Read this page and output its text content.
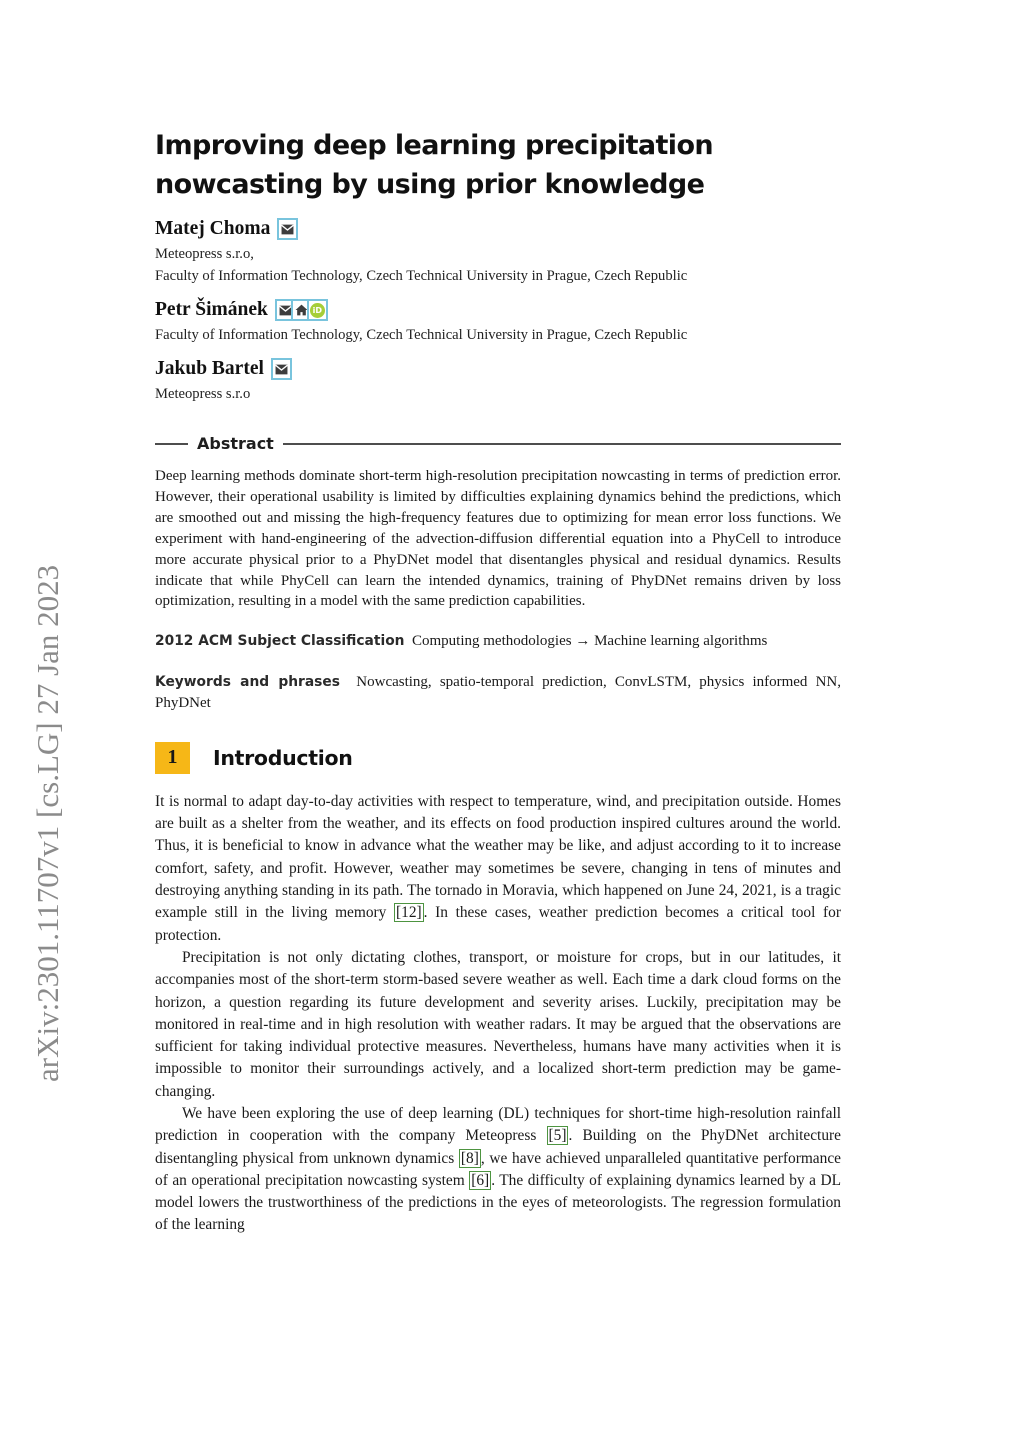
arXiv:2301.11707v1 [cs.LG] 27 Jan 2023
Improving deep learning precipitation nowcasting by using prior knowledge
Matej Choma
Meteopress s.r.o,
Faculty of Information Technology, Czech Technical University in Prague, Czech Republic
Petr Šimánek	iD
Faculty of Information Technology, Czech Technical University in Prague, Czech Republic
Jakub Bartel
Meteopress s.r.o
Abstract
Deep learning methods dominate short-term high-resolution precipitation nowcasting in terms of prediction error. However, their operational usability is limited by difficulties explaining dynamics behind the predictions, which are smoothed out and missing the high-frequency features due to optimizing for mean error loss functions. We experiment with hand-engineering of the advection-diffusion differential equation into a PhyCell to introduce more accurate physical prior to a PhyDNet model that disentangles physical and residual dynamics. Results indicate that while PhyCell can learn the intended dynamics, training of PhyDNet remains driven by loss optimization, resulting in a model with the same prediction capabilities.
2012 ACM Subject Classification Computing methodologies → Machine learning algorithms
Keywords and phrases Nowcasting, spatio-temporal prediction, ConvLSTM, physics informed NN, PhyDNet
1	Introduction

It is normal to adapt day-to-day activities with respect to temperature, wind, and precipitation outside. Homes are built as a shelter from the weather, and its effects on food production inspired cultures around the world. Thus, it is beneficial to know in advance what the weather may be like, and adjust according to it to increase comfort, safety, and profit. However, weather may sometimes be severe, changing in tens of minutes and destroying anything standing in its path. The tornado in Moravia, which happened on June 24, 2021, is a tragic example still in the living memory [12] . In these cases, weather prediction becomes a critical tool for protection.

Precipitation is not only dictating clothes, transport, or moisture for crops, but in our latitudes, it accompanies most of the short-term storm-based severe weather as well. Each time a dark cloud forms on the horizon, a question regarding its future development and severity arises. Luckily, precipitation may be monitored in real-time and in high resolution with weather radars. It may be argued that the observations are sufficient for taking individual protective measures. Nevertheless, humans have many activities when it is impossible to monitor their surroundings actively, and a localized short-term prediction may be game-changing.

We have been exploring the use of deep learning (DL) techniques for short-time high-resolution rainfall prediction in cooperation with the company Meteopress [5] . Building on the PhyDNet architecture disentangling physical from unknown dynamics [8] , we have achieved unparalleled quantitative performance of an operational precipitation nowcasting system [6] . The difficulty of explaining dynamics learned by a DL model lowers the trustworthiness of the predictions in the eyes of meteorologists. The regression formulation of the learning
